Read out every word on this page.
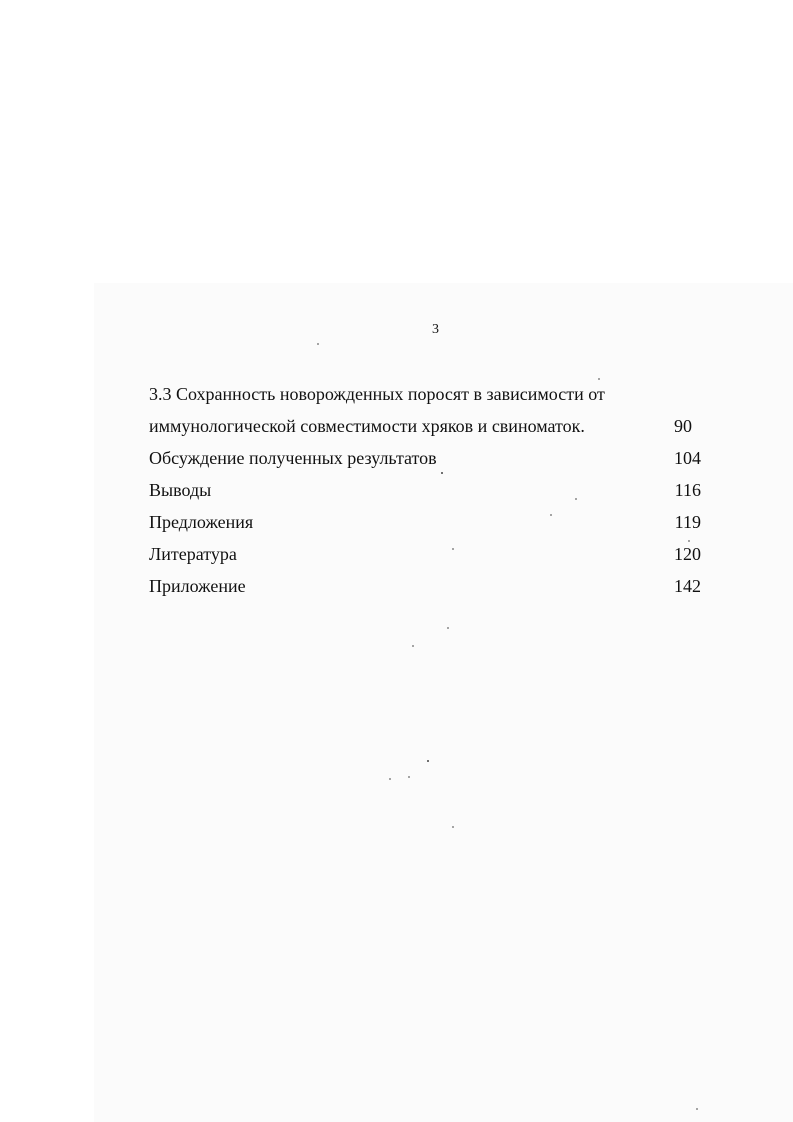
3
3.3 Сохранность новорожденных поросят в зависимости от
иммунологической совместимости хряков и свиноматок.	90
Обсуждение полученных результатов	104
Выводы	116
Предложения	119
Литература	120
Приложение	142
